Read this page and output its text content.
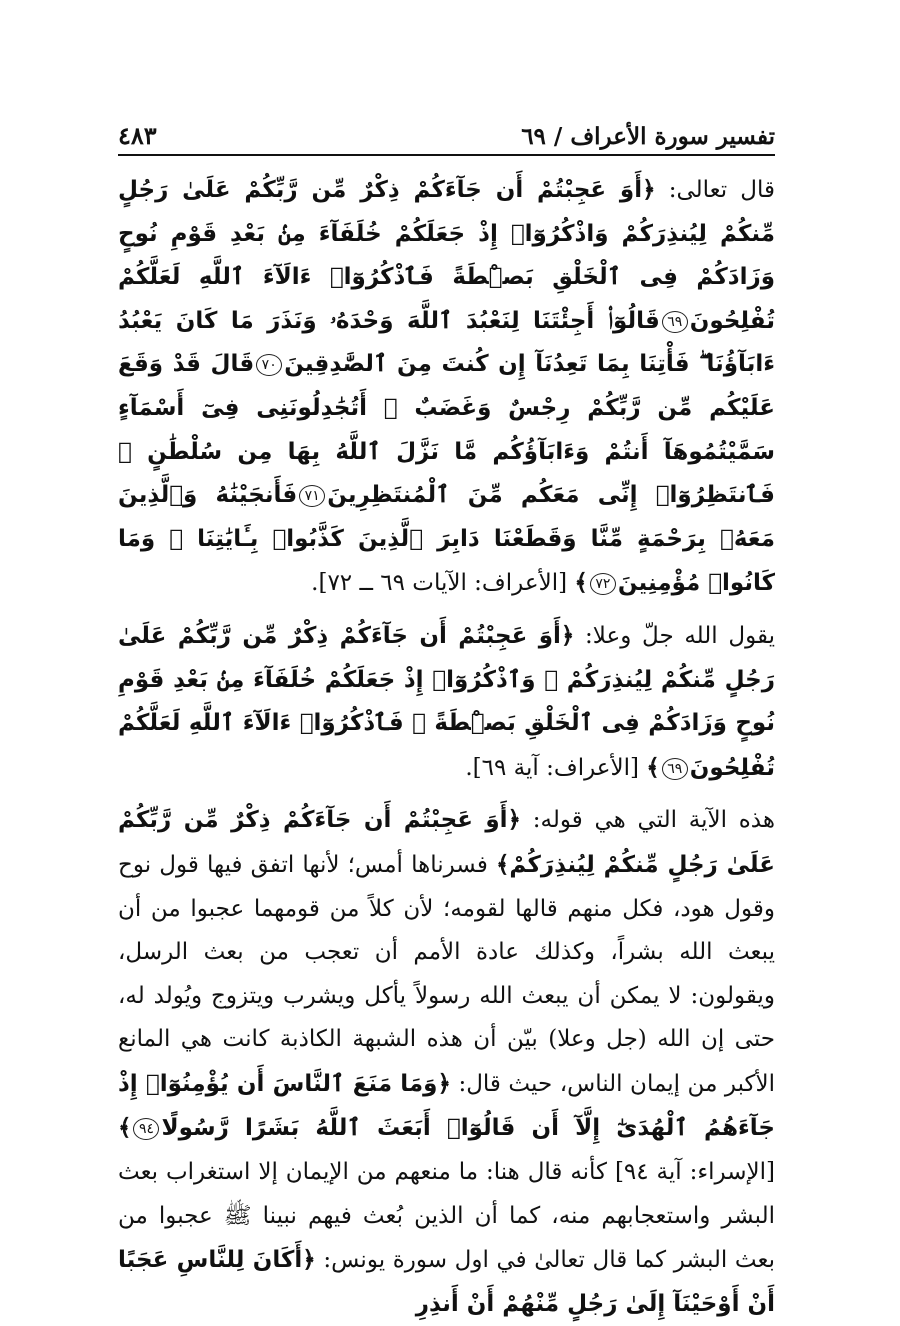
تفسير سورة الأعراف / ٦٩
٤٨٣

قال تعالى: ﴿أَوَ عَجِبْتُمْ أَن جَآءَكُمْ ذِكْرٌ مِّن رَّبِّكُمْ عَلَىٰ رَجُلٍ مِّنكُمْ لِيُنذِرَكُمْ وَاذْكُرُوٓا۟ إِذْ جَعَلَكُمْ خُلَفَآءَ مِنۢ بَعْدِ قَوْمِ نُوحٍ وَزَادَكُمْ فِى ٱلْخَلْقِ بَصْۜطَةً فَٱذْكُرُوٓا۟ ءَالَآءَ ٱللَّهِ لَعَلَّكُمْ تُفْلِحُونَ٦٩قَالُوٓا۟ أَجِئْتَنَا لِنَعْبُدَ ٱللَّهَ وَحْدَهُۥ وَنَذَرَ مَا كَانَ يَعْبُدُ ءَابَآؤُنَا ۖ فَأْتِنَا بِمَا تَعِدُنَآ إِن كُنتَ مِنَ ٱلصَّٰدِقِينَ٧٠قَالَ قَدْ وَقَعَ عَلَيْكُم مِّن رَّبِّكُمْ رِجْسٌ وَغَضَبٌ ۖ أَتُجَٰدِلُونَنِى فِىٓ أَسْمَآءٍ سَمَّيْتُمُوهَآ أَنتُمْ وَءَابَآؤُكُم مَّا نَزَّلَ ٱللَّهُ بِهَا مِن سُلْطَٰنٍ ۚ فَٱنتَظِرُوٓا۟ إِنِّى مَعَكُم مِّنَ ٱلْمُنتَظِرِينَ٧١فَأَنجَيْنَٰهُ وَٱلَّذِينَ مَعَهُۥ بِرَحْمَةٍ مِّنَّا وَقَطَعْنَا دَابِرَ ٱلَّذِينَ كَذَّبُوا۟ بِـَٔايَٰتِنَا ۖ وَمَا كَانُوا۟ مُؤْمِنِينَ٧٢﴾ [الأعراف: الآيات ٦٩ ــ ٧٢].

يقول الله جلّ وعلا: ﴿أَوَ عَجِبْتُمْ أَن جَآءَكُمْ ذِكْرٌ مِّن رَّبِّكُمْ عَلَىٰ رَجُلٍ مِّنكُمْ لِيُنذِرَكُمْ ۚ وَٱذْكُرُوٓا۟ إِذْ جَعَلَكُمْ خُلَفَآءَ مِنۢ بَعْدِ قَوْمِ نُوحٍ وَزَادَكُمْ فِى ٱلْخَلْقِ بَصْۜطَةً ۖ فَٱذْكُرُوٓا۟ ءَالَآءَ ٱللَّهِ لَعَلَّكُمْ تُفْلِحُونَ٦٩﴾ [الأعراف: آية ٦٩].

هذه الآية التي هي قوله: ﴿أَوَ عَجِبْتُمْ أَن جَآءَكُمْ ذِكْرٌ مِّن رَّبِّكُمْ عَلَىٰ رَجُلٍ مِّنكُمْ لِيُنذِرَكُمْ﴾ فسرناها أمس؛ لأنها اتفق فيها قول نوح وقول هود، فكل منهم قالها لقومه؛ لأن كلاً من قومهما عجبوا من أن يبعث الله بشراً، وكذلك عادة الأمم أن تعجب من بعث الرسل، ويقولون: لا يمكن أن يبعث الله رسولاً يأكل ويشرب ويتزوج ويُولد له، حتى إن الله (جل وعلا) بيّن أن هذه الشبهة الكاذبة كانت هي المانع الأكبر من إيمان الناس، حيث قال: ﴿وَمَا مَنَعَ ٱلنَّاسَ أَن يُؤْمِنُوٓا۟ إِذْ جَآءَهُمُ ٱلْهُدَىٰٓ إِلَّآ أَن قَالُوٓا۟ أَبَعَثَ ٱللَّهُ بَشَرًا رَّسُولًا٩٤﴾ [الإسراء: آية ٩٤] كأنه قال هنا: ما منعهم من الإيمان إلا استغراب بعث البشر واستعجابهم منه، كما أن الذين بُعث فيهم نبينا ﷺ عجبوا من بعث البشر كما قال تعالىٰ في اول سورة يونس: ﴿أَكَانَ لِلنَّاسِ عَجَبًا أَنْ أَوْحَيْنَآ إِلَىٰ رَجُلٍ مِّنْهُمْ أَنْ أَنذِرِ
